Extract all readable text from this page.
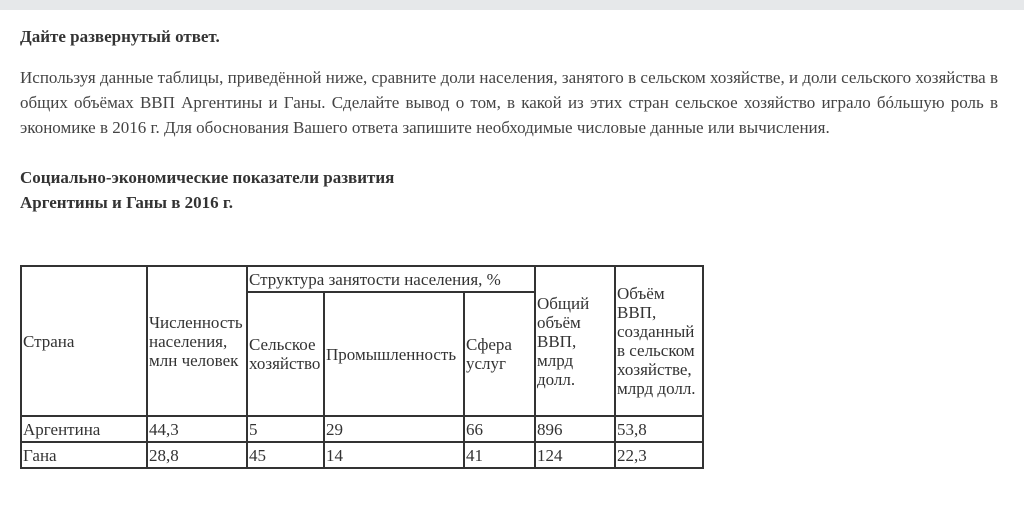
Дайте развернутый ответ.

Используя данные таблицы, приведённой ниже, сравните доли населения, занятого в сельском хозяйстве, и доли сельского хозяйства в общих объёмах ВВП Аргентины и Ганы. Сделайте вывод о том, в какой из этих стран сельское хозяйство играло бóльшую роль в экономике в 2016 г. Для обоснования Вашего ответа запишите необходимые числовые данные или вычисления.

Социально-экономические показатели развития
Аргентины и Ганы в 2016 г.
Страна	Численность населения, млн человек	Структура занятости населения, %			Общий объём ВВП, млрд долл.	Объём ВВП, созданный в сельском хозяйстве, млрд долл.
		Сельское хозяйство	Промышленность	Сфера услуг		
Аргентина	44,3	5	29	66	896	53,8
Гана	28,8	45	14	41	124	22,3
